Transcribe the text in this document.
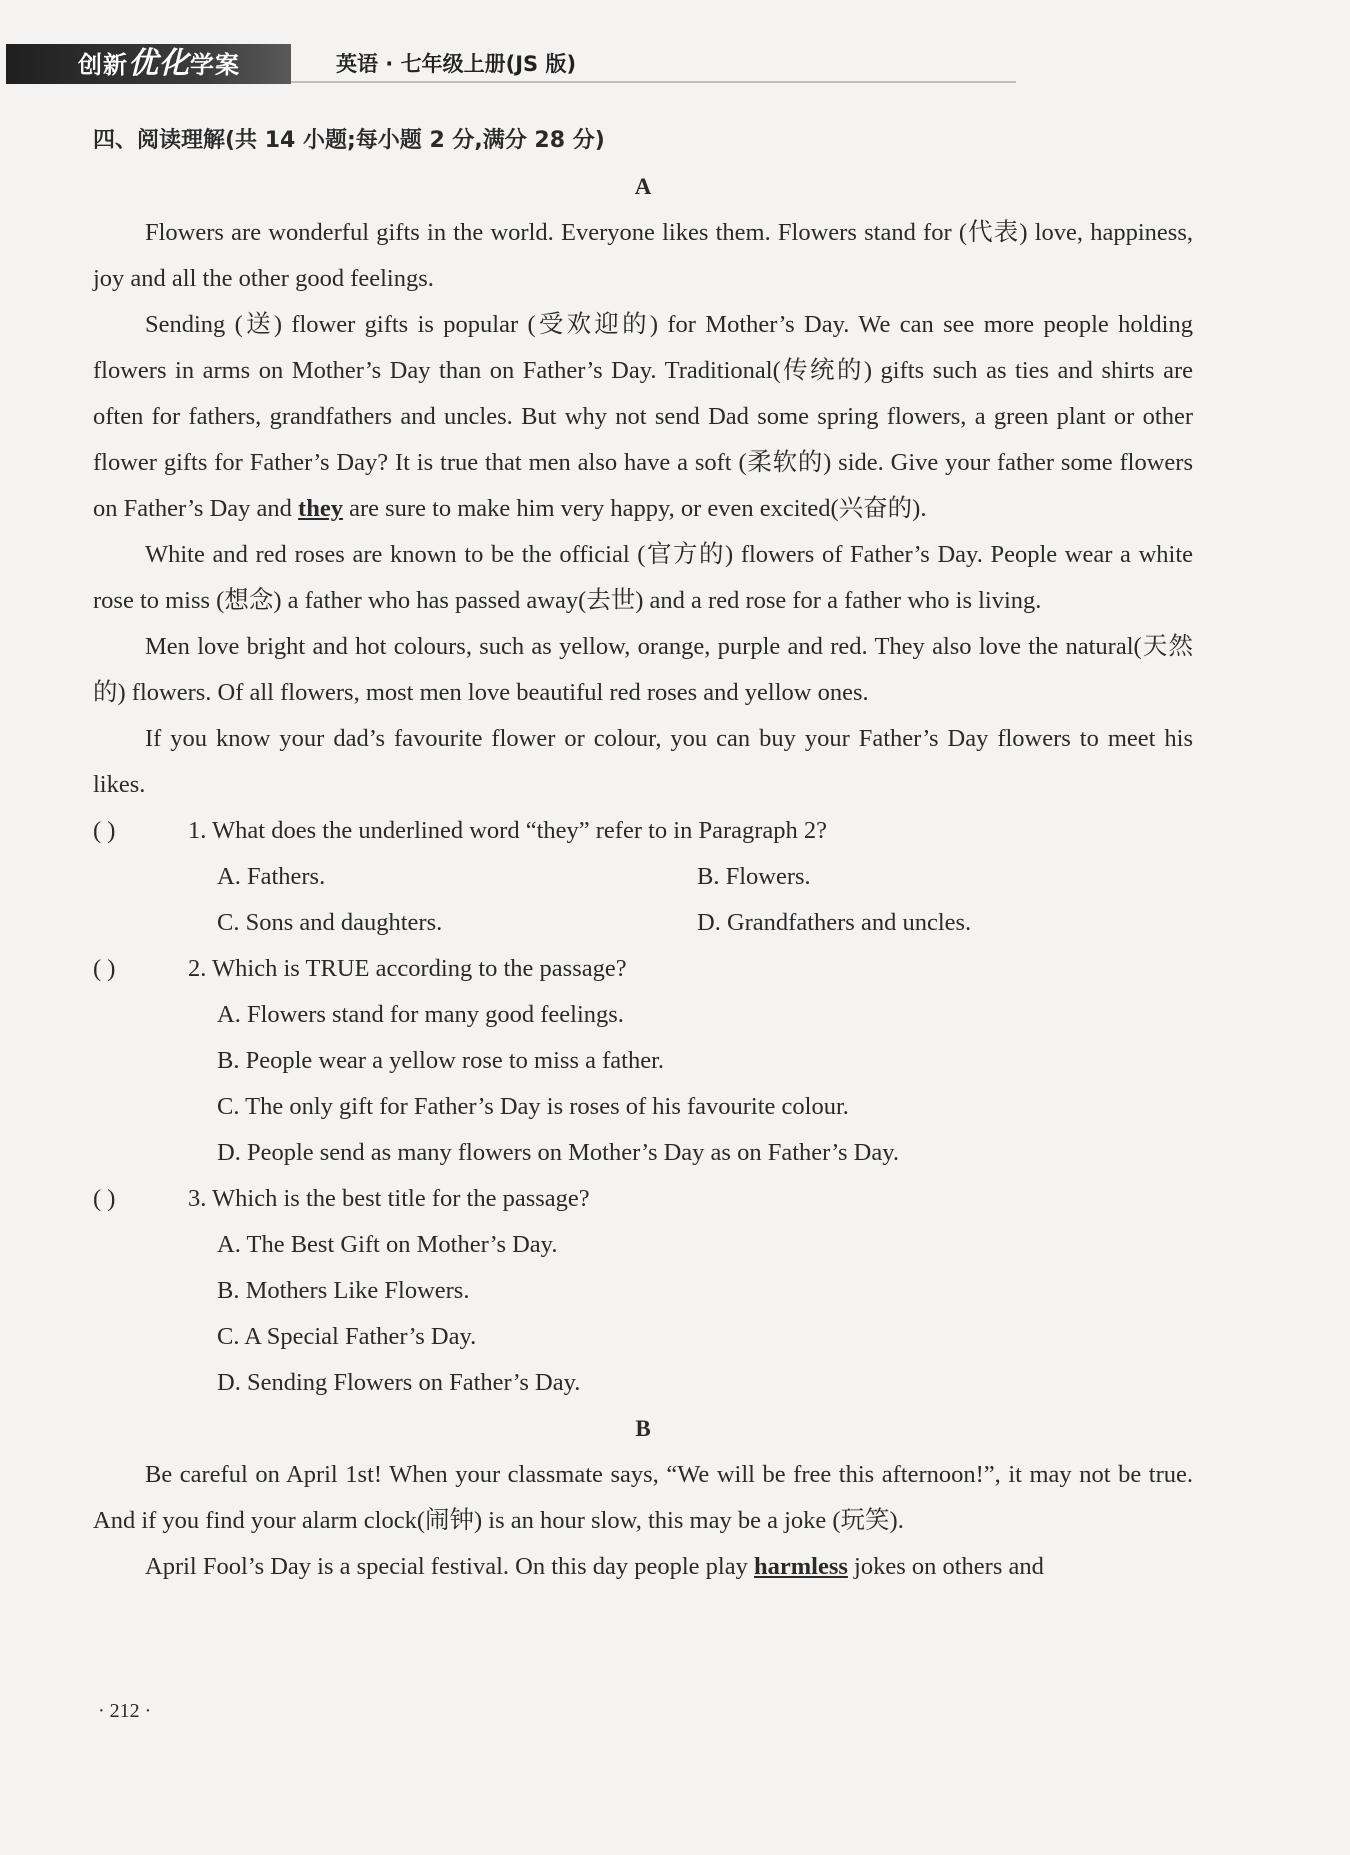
创新优化学案	英语 · 七年级上册(JS 版)
四、阅读理解(共 14 小题;每小题 2 分,满分 28 分)
A

Flowers are wonderful gifts in the world. Everyone likes them. Flowers stand for (代表) love, happiness, joy and all the other good feelings.

Sending (送) flower gifts is popular (受欢迎的) for Mother’s Day. We can see more people holding flowers in arms on Mother’s Day than on Father’s Day. Traditional(传统的) gifts such as ties and shirts are often for fathers, grandfathers and uncles. But why not send Dad some spring flowers, a green plant or other flower gifts for Father’s Day? It is true that men also have a soft (柔软的) side. Give your father some flowers on Father’s Day and they are sure to make him very happy, or even excited(兴奋的).

White and red roses are known to be the official (官方的) flowers of Father’s Day. People wear a white rose to miss (想念) a father who has passed away(去世) and a red rose for a father who is living.

Men love bright and hot colours, such as yellow, orange, purple and red. They also love the natural(天然的) flowers. Of all flowers, most men love beautiful red roses and yellow ones.

If you know your dad’s favourite flower or colour, you can buy your Father’s Day flowers to meet his likes.

( )	1. What does the underlined word “they” refer to in Paragraph 2?
A. Fathers.	B. Flowers.
C. Sons and daughters.	D. Grandfathers and uncles.
( )	2. Which is TRUE according to the passage?
A. Flowers stand for many good feelings.
B. People wear a yellow rose to miss a father.
C. The only gift for Father’s Day is roses of his favourite colour.
D. People send as many flowers on Mother’s Day as on Father’s Day.
( )	3. Which is the best title for the passage?
A. The Best Gift on Mother’s Day.
B. Mothers Like Flowers.
C. A Special Father’s Day.
D. Sending Flowers on Father’s Day.
B

Be careful on April 1st! When your classmate says, “We will be free this afternoon!”, it may not be true. And if you find your alarm clock(闹钟) is an hour slow, this may be a joke (玩笑).

April Fool’s Day is a special festival. On this day people play harmless jokes on others and

· 212 ·
